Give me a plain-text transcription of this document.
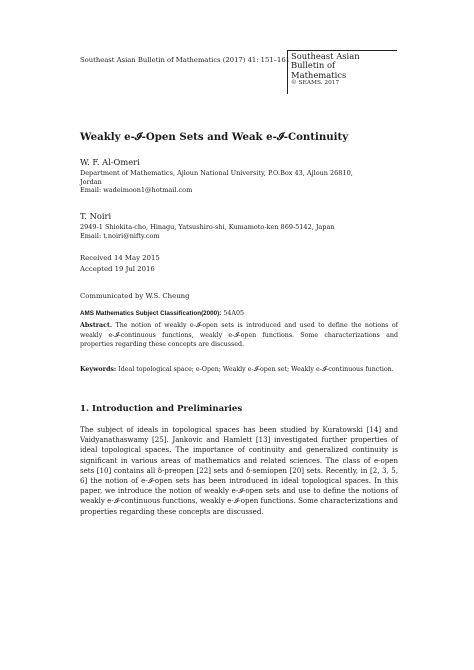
Southeast Asian Bulletin of Mathematics (2017) 41: 151–161 Southeast Asian
Bulletin of
Mathematics
© SEAMS. 2017
Weakly e-𝓘-Open Sets and Weak e-𝓘-Continuity
W. F. Al-Omeri
Department of Mathematics, Ajloun National University, P.O.Box 43, Ajloun 26810,
Jordan
Email: wadeimoon1@hotmail.com
T. Noiri
2949-1 Shiokita-cho, Hinagu, Yatsushiro-shi, Kumamoto-ken 869-5142, Japan
Email: t.noiri@nifty.com
Received 14 May 2015
Accepted 19 Jul 2016
Communicated by W.S. Cheung
AMS Mathematics Subject Classification(2000): 54A05
Abstract. The notion of weakly e-𝓘-open sets is introduced and used to define the notions of weakly e-𝓘-continuous functions, weakly e-𝓘-open functions. Some characterizations and properties regarding these concepts are discussed.
Keywords: Ideal topological space; e-Open; Weakly e-𝓘-open set; Weakly e-𝓘-continuous function.
1. Introduction and Preliminaries
The subject of ideals in topological spaces has been studied by Kuratowski [14] and Vaidyanathaswamy [25]. Jankovic and Hamlett [13] investigated further properties of ideal topological spaces. The importance of continuity and generalized continuity is significant in various areas of mathematics and related sciences. The class of e-open sets [10] contains all δ-preopen [22] sets and δ-semiopen [20] sets. Recently, in [2, 3, 5, 6] the notion of e-𝓘-open sets has been introduced in ideal topological spaces. In this paper, we introduce the notion of weakly e-𝓘-open sets and use to define the notions of weakly e-𝓘-continuous functions, weakly e-𝓘-open functions. Some characterizations and properties regarding these concepts are discussed.
